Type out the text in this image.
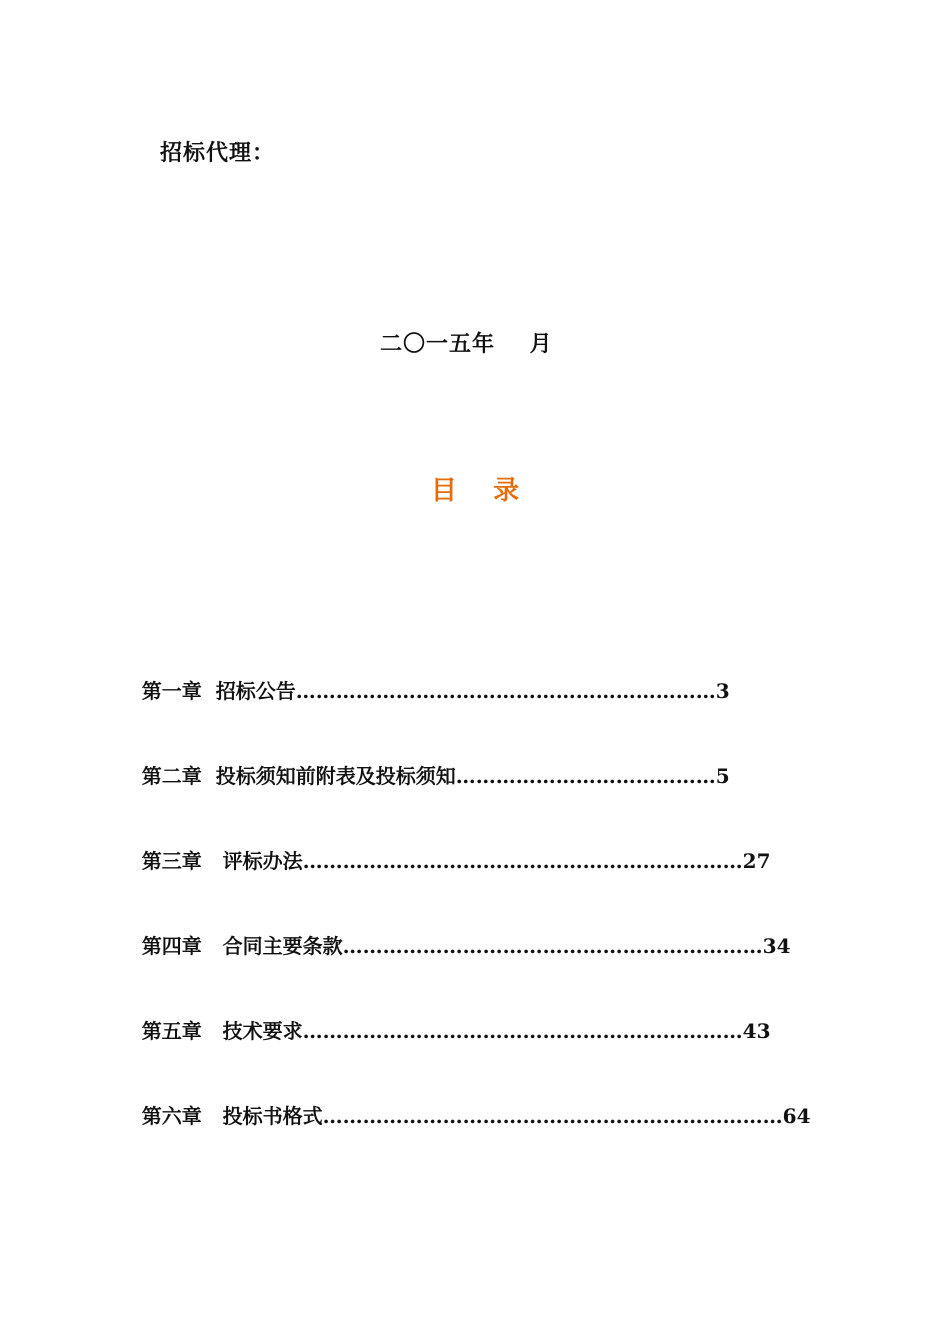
招标代理：
二〇一五年    月
目    录

第一章  招标公告………………………………………………………3

第二章  投标须知前附表及投标须知…………………………………5

第三章   评标办法…………………………………………………………27

第四章   合同主要条款………………………………………………………34

第五章   技术要求…………………………………………………………43

第六章   投标书格式……………………………………………………………64
